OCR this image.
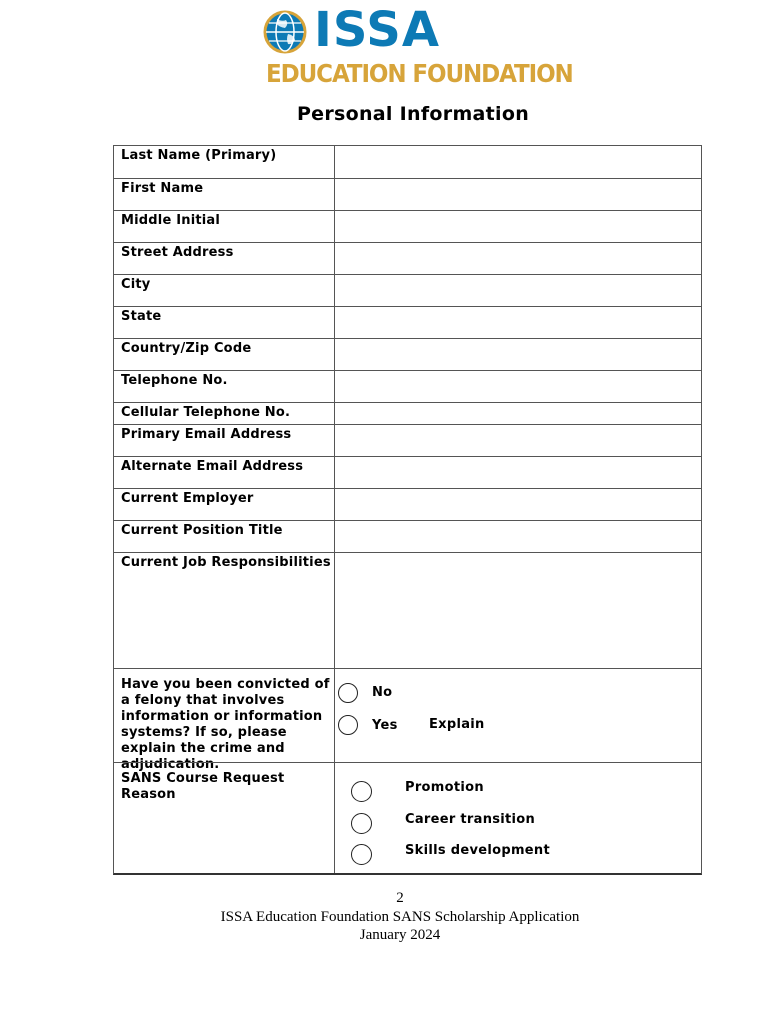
ISSA
EDUCATION FOUNDATION
Personal Information
Last Name (Primary)
First Name
Middle Initial
Street Address
City
State
Country/Zip Code
Telephone No.
Cellular Telephone No.
Primary Email Address
Alternate Email Address
Current Employer
Current Position Title
Current Job Responsibilities
Have you been convicted of a felony that involves information or information systems? If so, please explain the crime and adjudication.
No
Yes Explain
SANS Course Request Reason	Promotion
Career transition
Skills development
2
ISSA Education Foundation SANS Scholarship Application
January 2024
